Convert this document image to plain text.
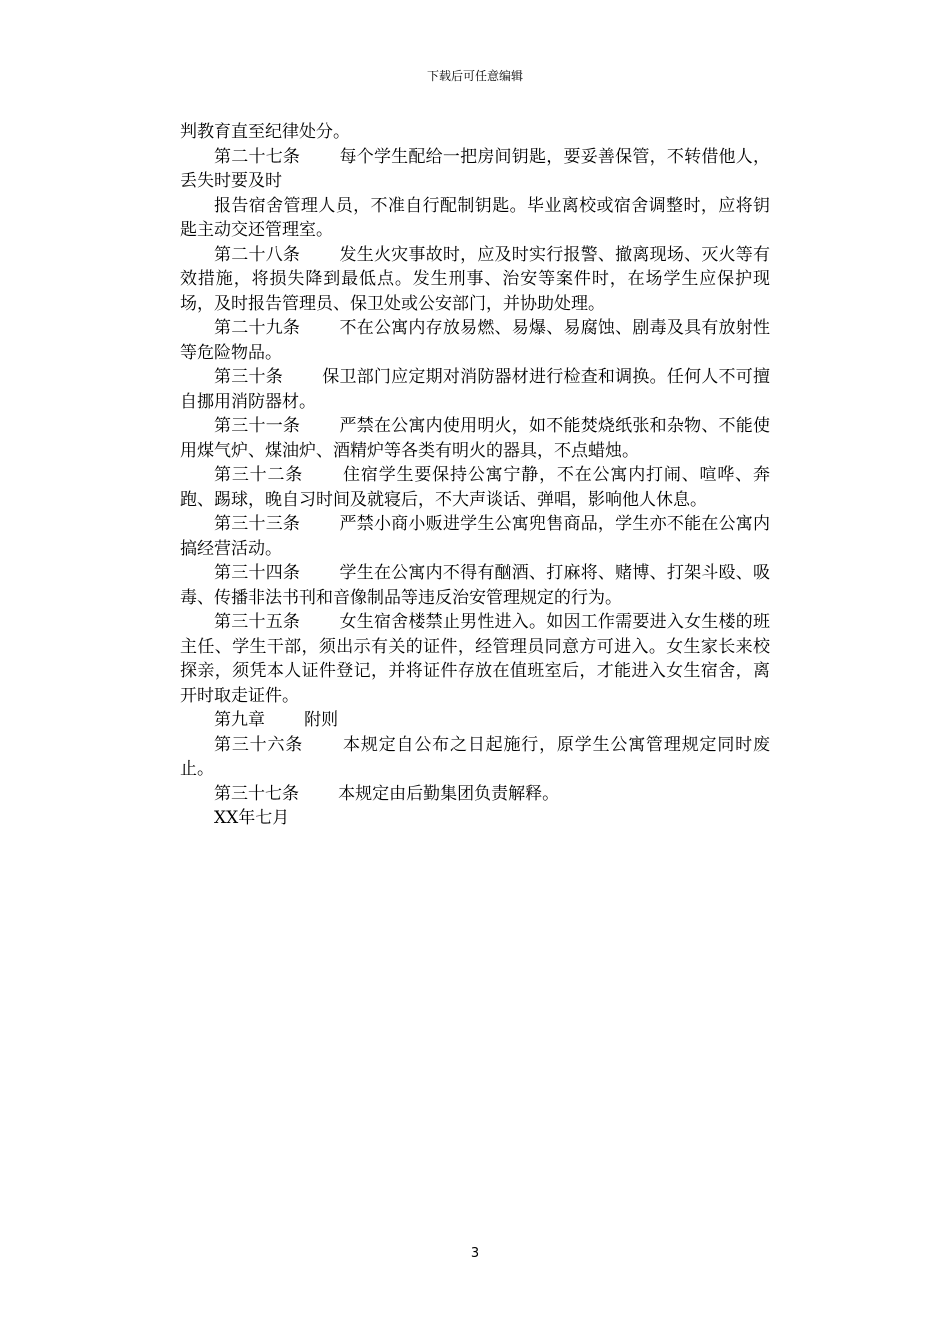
下载后可任意编辑

判教育直至纪律处分。

第二十七条 每个学生配给一把房间钥匙，要妥善保管，不转借他人，丢失时要及时

报告宿舍管理人员，不准自行配制钥匙。毕业离校或宿舍调整时，应将钥匙主动交还管理室。

第二十八条 发生火灾事故时，应及时实行报警、撤离现场、灭火等有效措施，将损失降到最低点。发生刑事、治安等案件时，在场学生应保护现场，及时报告管理员、保卫处或公安部门，并协助处理。

第二十九条 不在公寓内存放易燃、易爆、易腐蚀、剧毒及具有放射性等危险物品。

第三十条 保卫部门应定期对消防器材进行检查和调换。任何人不可擅自挪用消防器材。

第三十一条 严禁在公寓内使用明火，如不能焚烧纸张和杂物、不能使用煤气炉、煤油炉、酒精炉等各类有明火的器具，不点蜡烛。

第三十二条 住宿学生要保持公寓宁静，不在公寓内打闹、喧哗、奔跑、踢球，晚自习时间及就寝后，不大声谈话、弹唱，影响他人休息。

第三十三条 严禁小商小贩进学生公寓兜售商品，学生亦不能在公寓内搞经营活动。

第三十四条 学生在公寓内不得有酗酒、打麻将、赌博、打架斗殴、吸毒、传播非法书刊和音像制品等违反治安管理规定的行为。

第三十五条 女生宿舍楼禁止男性进入。如因工作需要进入女生楼的班主任、学生干部，须出示有关的证件，经管理员同意方可进入。女生家长来校探亲，须凭本人证件登记，并将证件存放在值班室后，才能进入女生宿舍，离开时取走证件。

第九章 附则

第三十六条 本规定自公布之日起施行，原学生公寓管理规定同时废止。

第三十七条 本规定由后勤集团负责解释。

XX年七月

3
